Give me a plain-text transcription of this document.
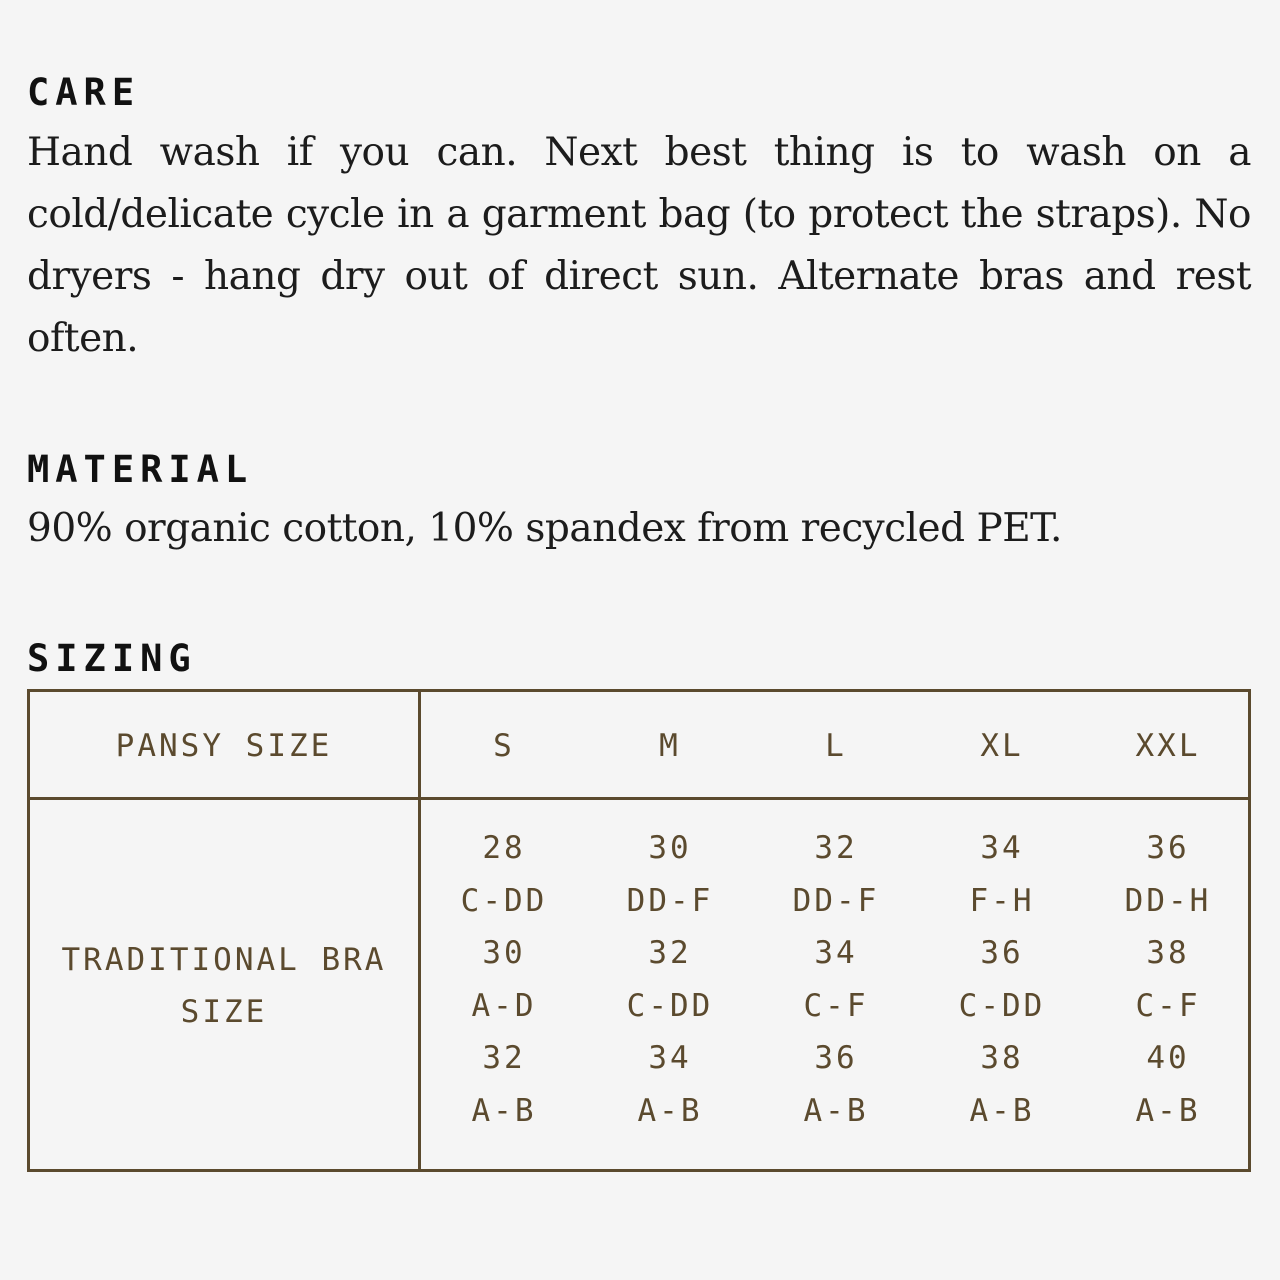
CARE

Hand wash if you can. Next best thing is to wash on a cold/delicate cycle in a garment bag (to protect the straps). No dryers - hang dry out of direct sun. Alternate bras and rest often.

MATERIAL

90% organic cotton, 10% spandex from recycled PET.

SIZING
PANSY SIZE
TRADITIONAL BRA
SIZE
S
28
C-DD
30
A-D
32
A-B
M
30
DD-F
32
C-DD
34
A-B
L
32
DD-F
34
C-F
36
A-B
XL
34
F-H
36
C-DD
38
A-B
XXL
36
DD-H
38
C-F
40
A-B
